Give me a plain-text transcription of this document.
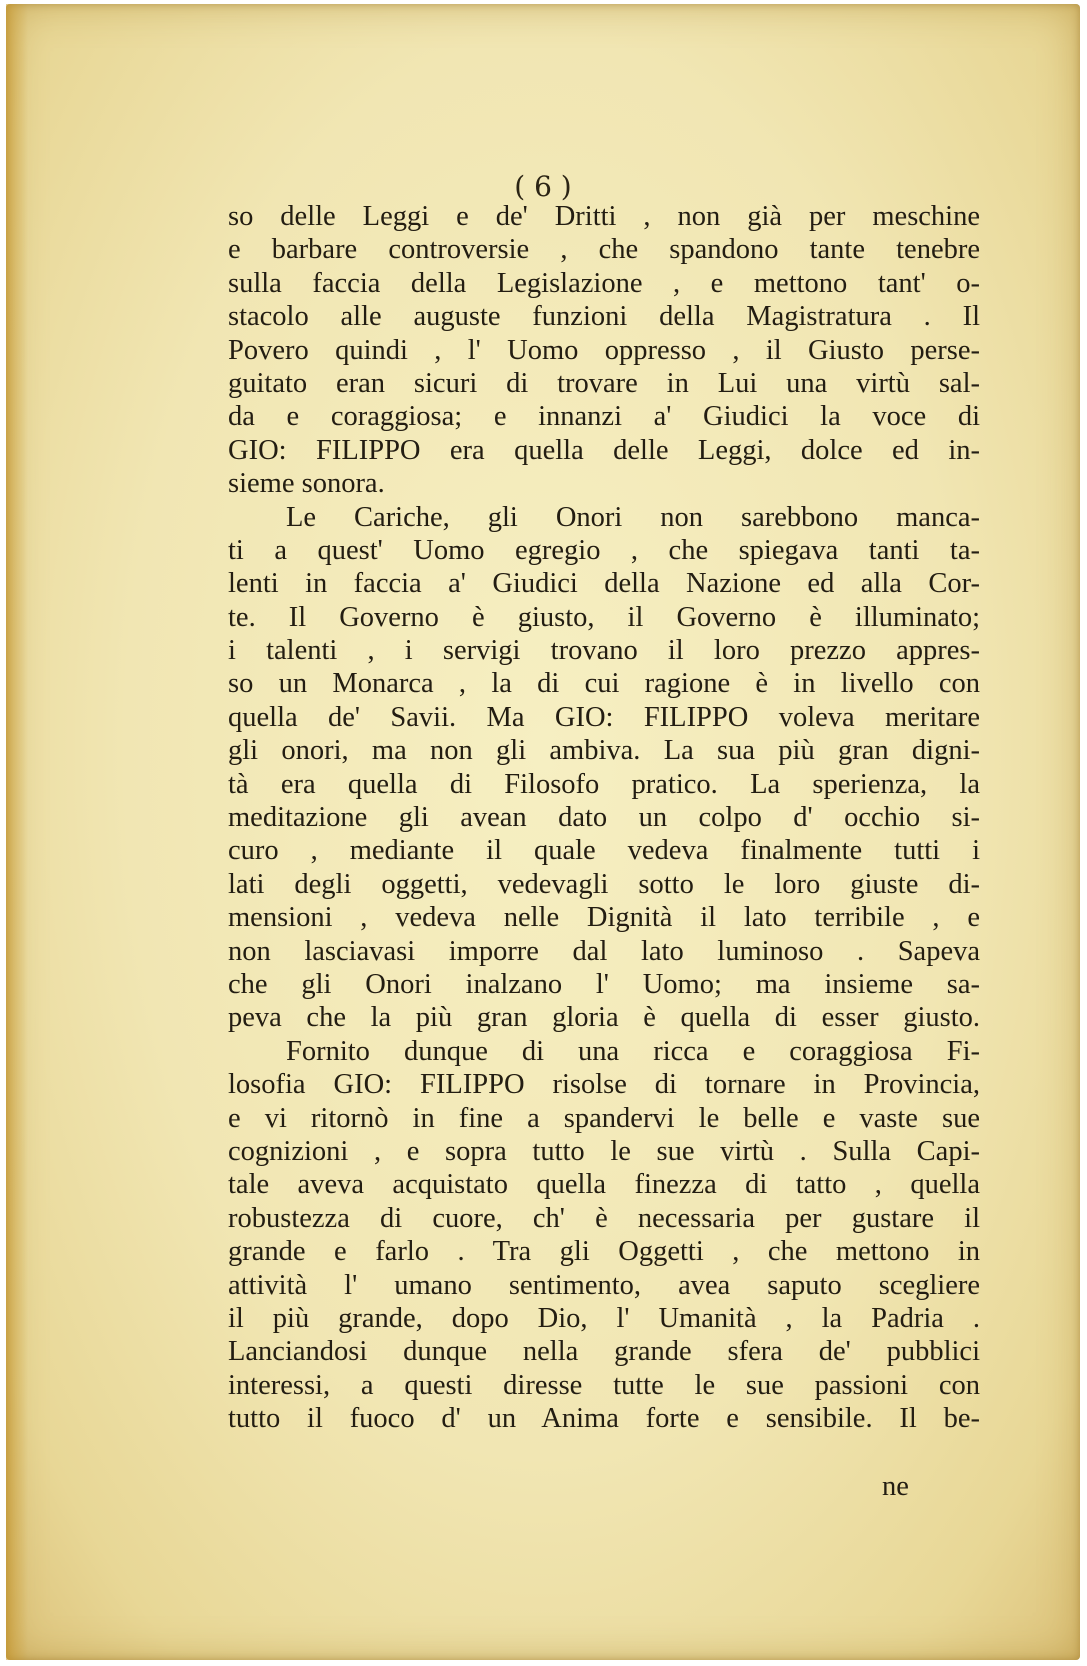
( 6 )
so delle Leggi e de' Dritti , non già per meschine
e barbare controversie , che spandono tante tenebre
sulla faccia della Legislazione , e mettono tant' o-
stacolo alle auguste funzioni della Magistratura . Il
Povero quindi , l' Uomo oppresso , il Giusto perse-
guitato eran sicuri di trovare in Lui una virtù sal-
da e coraggiosa; e innanzi a' Giudici la voce di
GIO: FILIPPO era quella delle Leggi, dolce ed in-
sieme sonora.
Le Cariche, gli Onori non sarebbono manca-
ti a quest' Uomo egregio , che spiegava tanti ta-
lenti in faccia a' Giudici della Nazione ed alla Cor-
te. Il Governo è giusto, il Governo è illuminato;
i talenti , i servigi trovano il loro prezzo appres-
so un Monarca , la di cui ragione è in livello con
quella de' Savii. Ma GIO: FILIPPO voleva meritare
gli onori, ma non gli ambiva. La sua più gran digni-
tà era quella di Filosofo pratico. La sperienza, la
meditazione gli avean dato un colpo d' occhio si-
curo , mediante il quale vedeva finalmente tutti i
lati degli oggetti, vedevagli sotto le loro giuste di-
mensioni , vedeva nelle Dignità il lato terribile , e
non lasciavasi imporre dal lato luminoso . Sapeva
che gli Onori inalzano l' Uomo; ma insieme sa-
peva che la più gran gloria è quella di esser giusto.
Fornito dunque di una ricca e coraggiosa Fi-
losofia GIO: FILIPPO risolse di tornare in Provincia,
e vi ritornò in fine a spandervi le belle e vaste sue
cognizioni , e sopra tutto le sue virtù . Sulla Capi-
tale aveva acquistato quella finezza di tatto , quella
robustezza di cuore, ch' è necessaria per gustare il
grande e farlo . Tra gli Oggetti , che mettono in
attività l' umano sentimento, avea saputo scegliere
il più grande, dopo Dio, l' Umanità , la Padria .
Lanciandosi dunque nella grande sfera de' pubblici
interessi, a questi diresse tutte le sue passioni con
tutto il fuoco d' un Anima forte e sensibile. Il be-
ne
